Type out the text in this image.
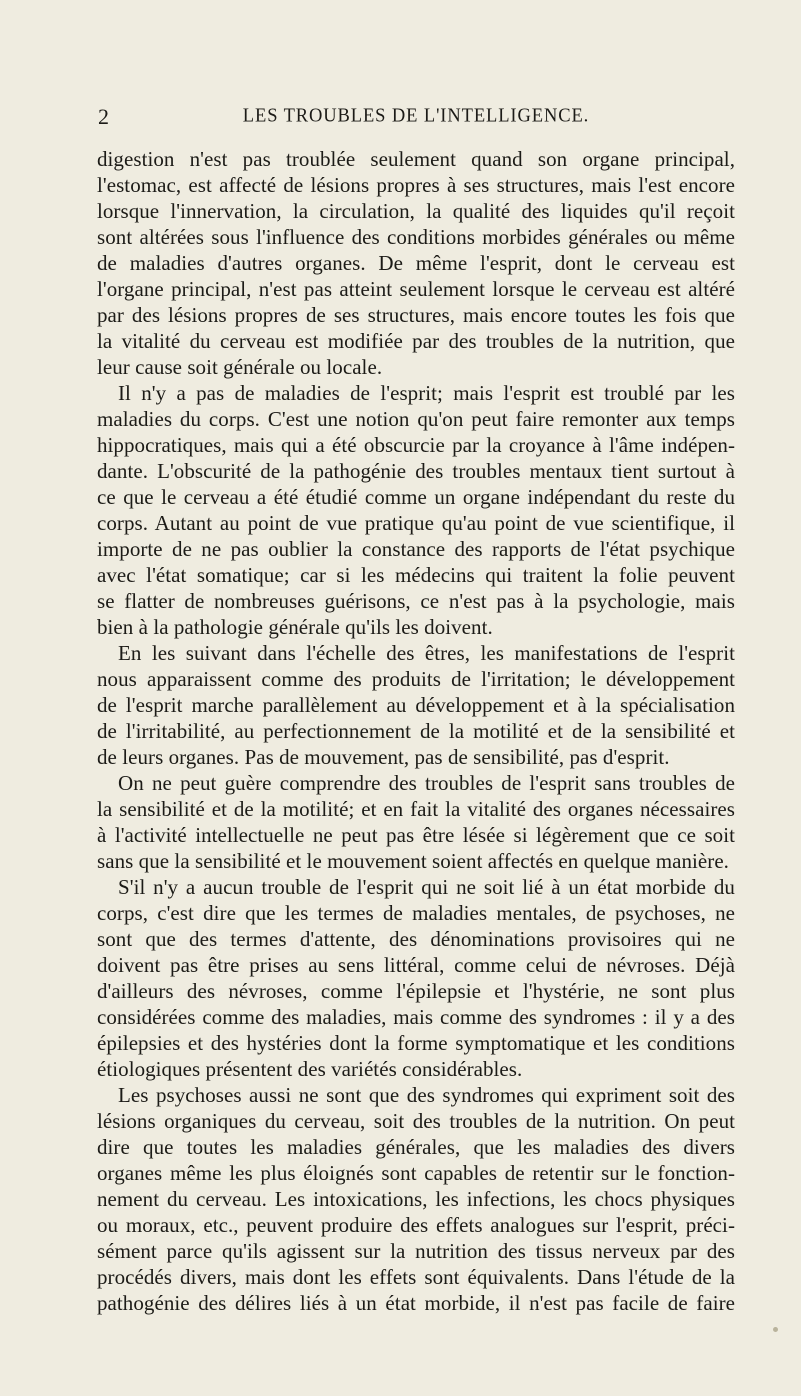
2	LES TROUBLES DE L'INTELLIGENCE.
digestion n'est pas troublée seulement quand son organe principal,
l'estomac, est affecté de lésions propres à ses structures, mais l'est encore
lorsque l'innervation, la circulation, la qualité des liquides qu'il reçoit
sont altérées sous l'influence des conditions morbides générales ou même
de maladies d'autres organes. De même l'esprit, dont le cerveau est
l'organe principal, n'est pas atteint seulement lorsque le cerveau est altéré
par des lésions propres de ses structures, mais encore toutes les fois que
la vitalité du cerveau est modifiée par des troubles de la nutrition, que
leur cause soit générale ou locale.
Il n'y a pas de maladies de l'esprit; mais l'esprit est troublé par les
maladies du corps. C'est une notion qu'on peut faire remonter aux temps
hippocratiques, mais qui a été obscurcie par la croyance à l'âme indépen-
dante. L'obscurité de la pathogénie des troubles mentaux tient surtout à
ce que le cerveau a été étudié comme un organe indépendant du reste du
corps. Autant au point de vue pratique qu'au point de vue scientifique, il
importe de ne pas oublier la constance des rapports de l'état psychique
avec l'état somatique; car si les médecins qui traitent la folie peuvent
se flatter de nombreuses guérisons, ce n'est pas à la psychologie, mais
bien à la pathologie générale qu'ils les doivent.
En les suivant dans l'échelle des êtres, les manifestations de l'esprit
nous apparaissent comme des produits de l'irritation; le développement
de l'esprit marche parallèlement au développement et à la spécialisation
de l'irritabilité, au perfectionnement de la motilité et de la sensibilité et
de leurs organes. Pas de mouvement, pas de sensibilité, pas d'esprit.
On ne peut guère comprendre des troubles de l'esprit sans troubles de
la sensibilité et de la motilité; et en fait la vitalité des organes nécessaires
à l'activité intellectuelle ne peut pas être lésée si légèrement que ce soit
sans que la sensibilité et le mouvement soient affectés en quelque manière.
S'il n'y a aucun trouble de l'esprit qui ne soit lié à un état morbide du
corps, c'est dire que les termes de maladies mentales, de psychoses, ne
sont que des termes d'attente, des dénominations provisoires qui ne
doivent pas être prises au sens littéral, comme celui de névroses. Déjà
d'ailleurs des névroses, comme l'épilepsie et l'hystérie, ne sont plus
considérées comme des maladies, mais comme des syndromes : il y a des
épilepsies et des hystéries dont la forme symptomatique et les conditions
étiologiques présentent des variétés considérables.
Les psychoses aussi ne sont que des syndromes qui expriment soit des
lésions organiques du cerveau, soit des troubles de la nutrition. On peut
dire que toutes les maladies générales, que les maladies des divers
organes même les plus éloignés sont capables de retentir sur le fonction-
nement du cerveau. Les intoxications, les infections, les chocs physiques
ou moraux, etc., peuvent produire des effets analogues sur l'esprit, préci-
sément parce qu'ils agissent sur la nutrition des tissus nerveux par des
procédés divers, mais dont les effets sont équivalents. Dans l'étude de la
pathogénie des délires liés à un état morbide, il n'est pas facile de faire
